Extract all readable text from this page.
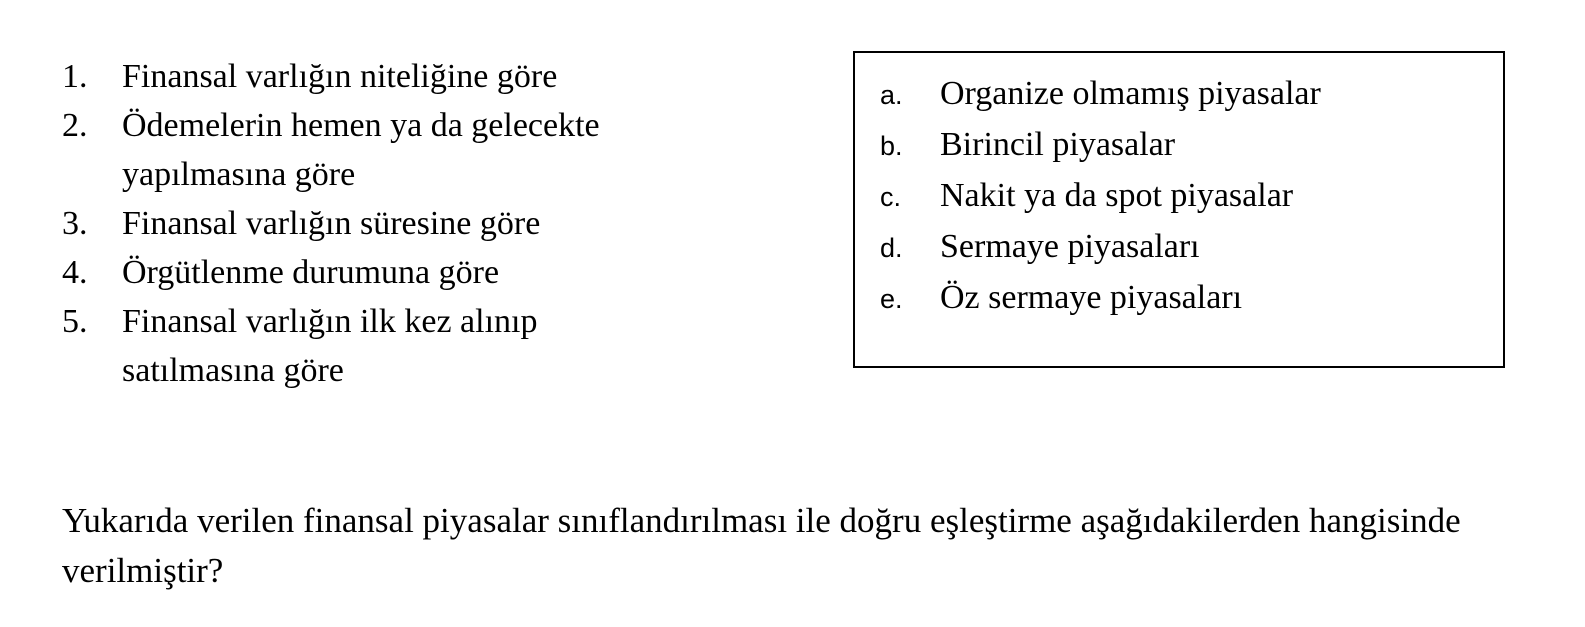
1.	Finansal varlığın niteliğine göre
2.	Ödemelerin hemen ya da gelecekte yapılmasına göre
3.	Finansal varlığın süresine göre
4.	Örgütlenme durumuna göre
5.	Finansal varlığın ilk kez alınıp satılmasına göre
a.	Organize olmamış piyasalar
b.	Birincil piyasalar
c.	Nakit ya da spot piyasalar
d.	Sermaye piyasaları
e.	Öz sermaye piyasaları
Yukarıda verilen finansal piyasalar sınıflandırılması ile doğru eşleştirme aşağıdakilerden hangisinde verilmiştir?
